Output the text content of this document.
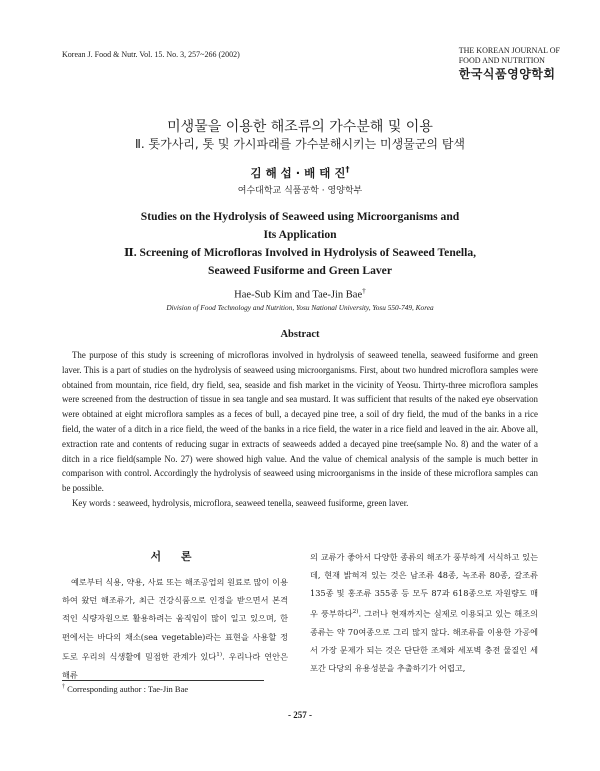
Korean J. Food & Nutr. Vol. 15. No. 3, 257~266 (2002)	THE KOREAN JOURNAL OF
FOOD AND NUTRITION
한국식품영양학회
미생물을 이용한 해조류의 가수분해 및 이용
Ⅱ. 톳가사리, 톳 및 가시파래를 가수분해시키는 미생물군의 탐색
김 해 섭 · 배 태 진†
여수대학교 식품공학 · 영양학부
Studies on the Hydrolysis of Seaweed using Microorganisms and
Its Application
Ⅱ. Screening of Microfloras Involved in Hydrolysis of Seaweed Tenella,
Seaweed Fusiforme and Green Laver
Hae-Sub Kim and Tae-Jin Bae†
Division of Food Technology and Nutrition, Yosu National University, Yosu 550-749, Korea
Abstract

The purpose of this study is screening of microfloras involved in hydrolysis of seaweed tenella, seaweed fusiforme and green laver. This is a part of studies on the hydrolysis of seaweed using microorganisms. First, about two hundred microflora samples were obtained from mountain, rice field, dry field, sea, seaside and fish market in the vicinity of Yeosu. Thirty-three microflora samples were screened from the destruction of tissue in sea tangle and sea mustard. It was sufficient that results of the naked eye observation were obtained at eight microflora samples as a feces of bull, a decayed pine tree, a soil of dry field, the mud of the banks in a rice field, the water of a ditch in a rice field, the weed of the banks in a rice field, the water in a rice field and leaved in the air. Above all, extraction rate and contents of reducing sugar in extracts of seaweeds added a decayed pine tree(sample No. 8) and the water of a ditch in a rice field(sample No. 27) were showed high value. And the value of chemical analysis of the sample is much better in comparison with control. Accordingly the hydrolysis of seaweed using microorganisms in the inside of these microflora samples can be possible.

Key words : seaweed, hydrolysis, microflora, seaweed tenella, seaweed fusiforme, green laver.

서 론
예로부터 식용, 약용, 사료 또는 해조공업의 원료로 많이 이용하여 왔던 해조류가, 최근 건강식품으로 인정을 받으면서 본격적인 식량자원으로 활용하려는 움직임이 많이 일고 있으며, 한편에서는 바다의 채소(sea vegetable)라는 표현을 사용할 정도로 우리의 식생활에 밀접한 관계가 있다$^{1)}$. 우리나라 연안은 해류
의 교류가 좋아서 다양한 종류의 해조가 풍부하게 서식하고 있는데, 현재 밝혀져 있는 것은 남조류 48종, 녹조류 80종, 갈조류 135종 및 홍조류 355종 등 모두 87과 618종으로 자원량도 매우 풍부하다$^{2)}$. 그러나 현재까지는 실제로 이용되고 있는 해조의 종류는 약 70여종으로 그리 많지 않다. 해조류를 이용한 가공에서 가장 문제가 되는 것은 단단한 조체와 세포벽 충전 물질인 세포간 다당의 유용성분을 추출하기가 어렵고,
† Corresponding author : Tae-Jin Bae
- 257 -
